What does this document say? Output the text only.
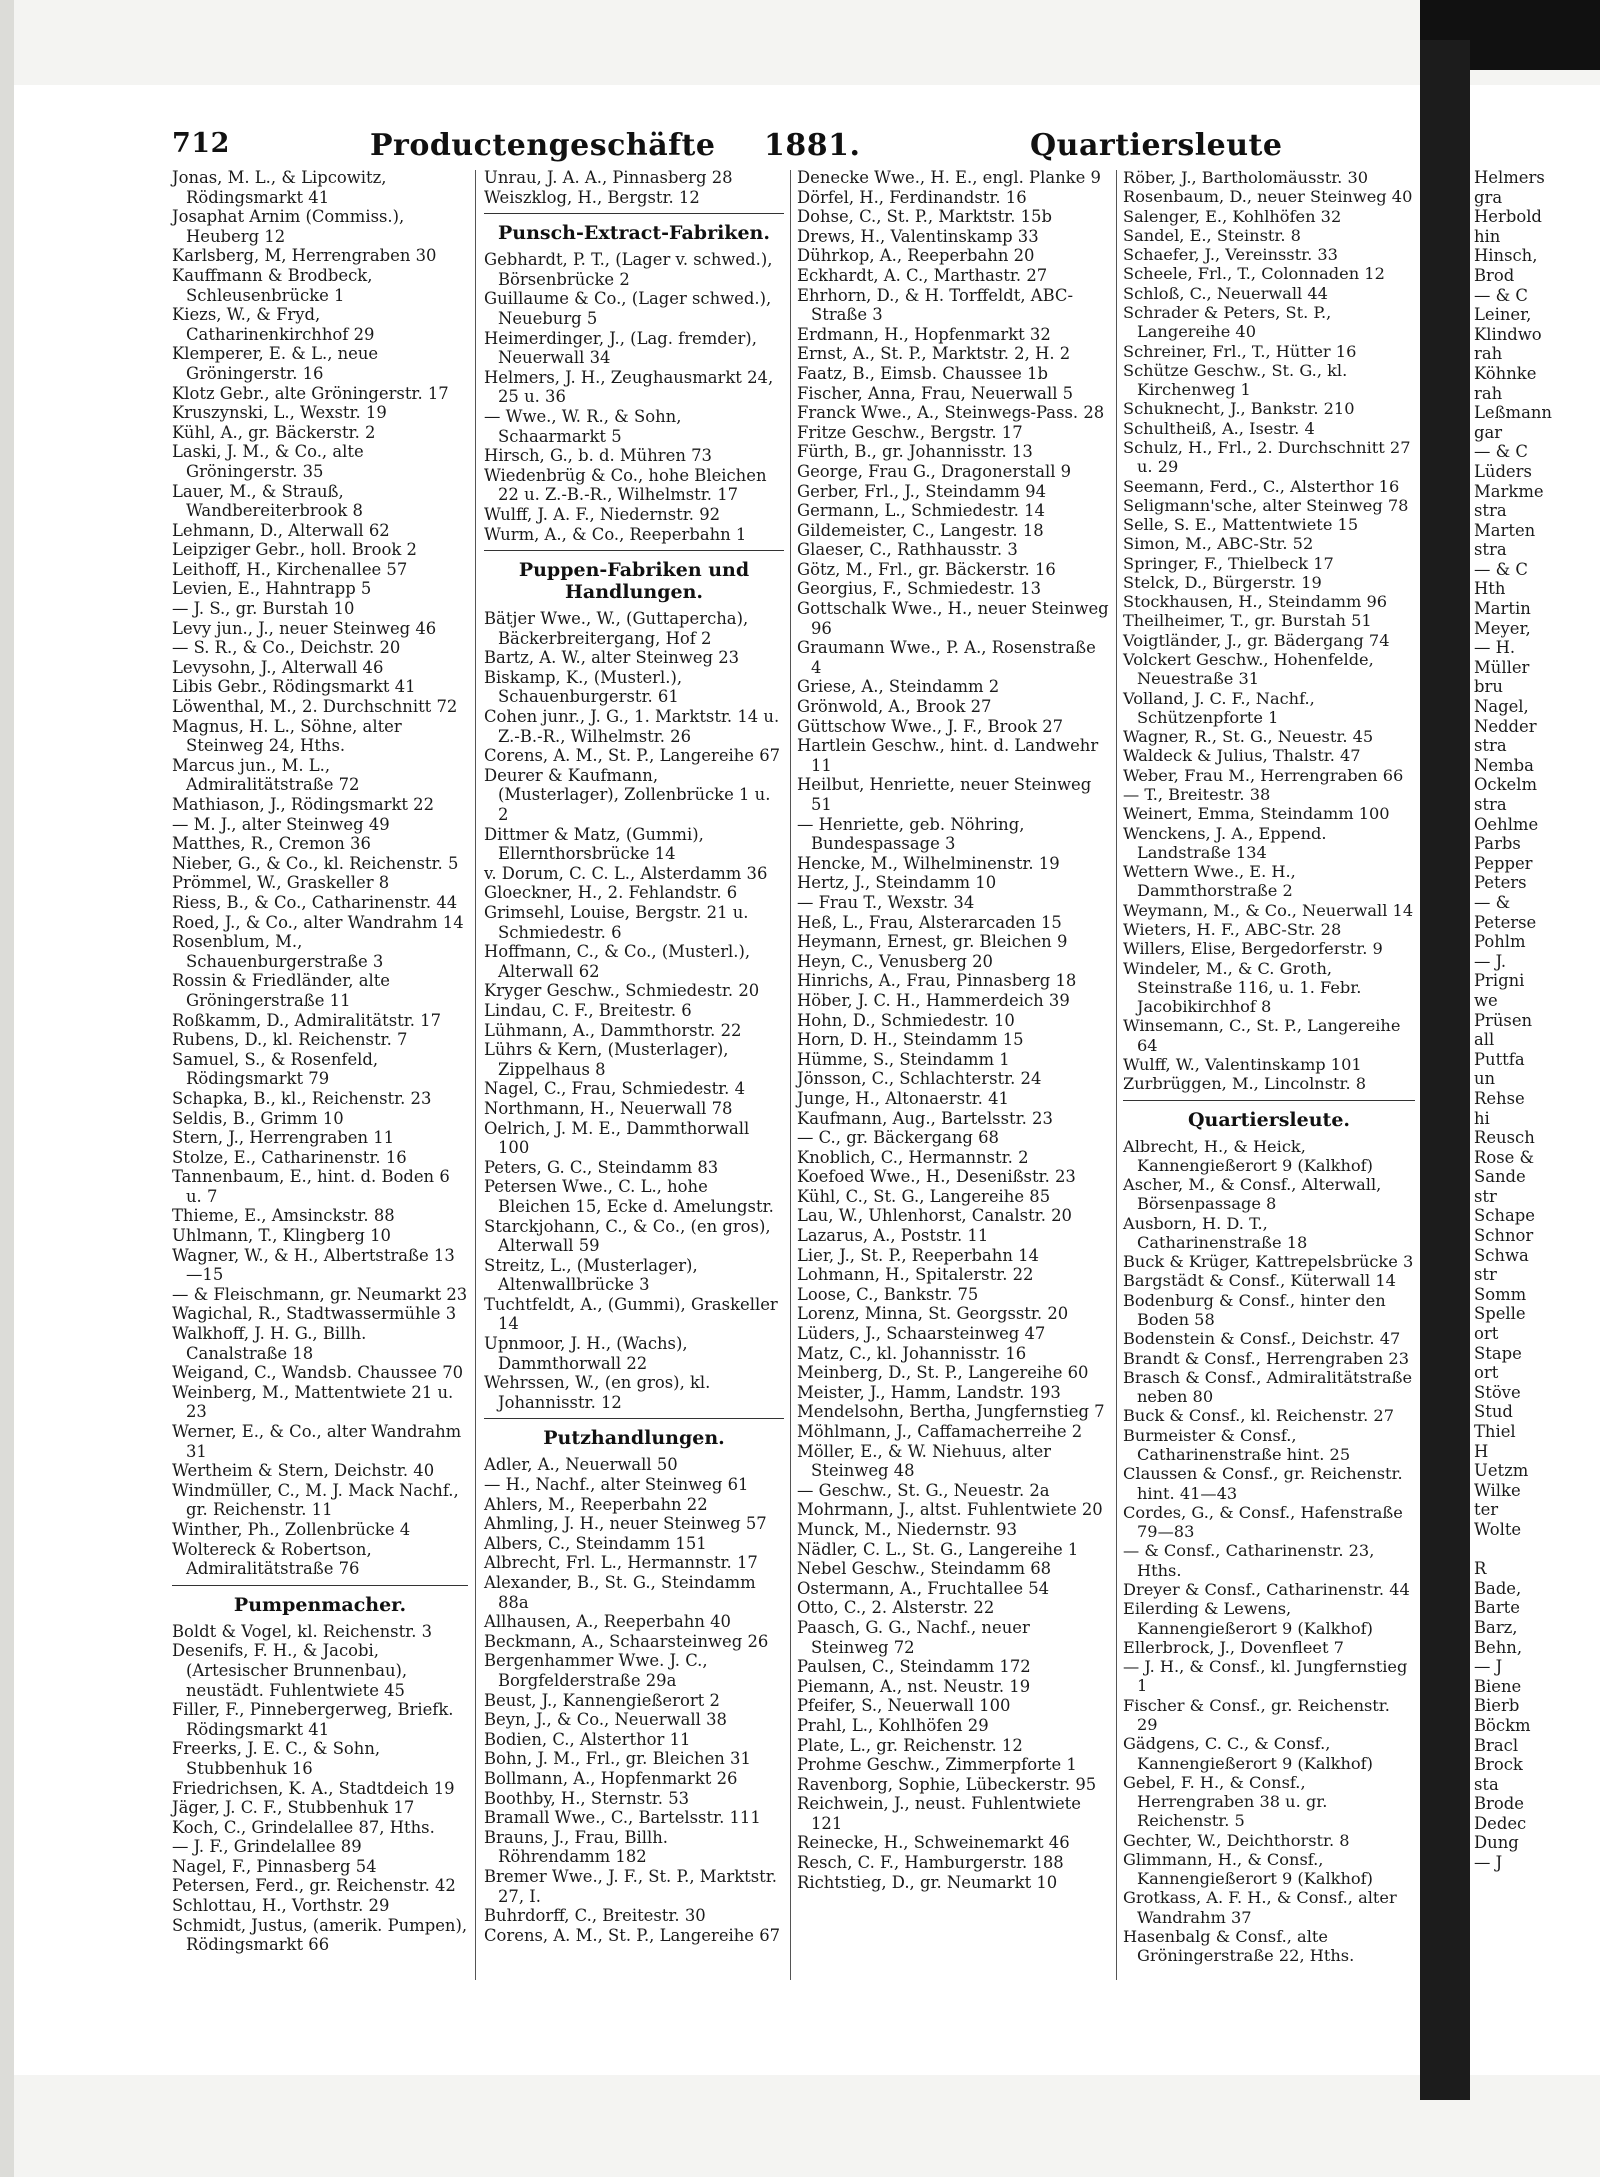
Helmers
gra
Herbold
hin
Hinsch,
Brod
— & C
Leiner,
Klindwo
rah
Köhnke
rah
Leßmann
gar
— & C
Lüders
Markme
stra
Marten
stra
— & C
Hth
Martin
Meyer,
— H.
Müller
bru
Nagel,
Nedder
stra
Nemba
Ockelm
stra
Oehlme
Parbs
Pepper
Peters
— &
Peterse
Pohlm
— J.
Prigni
we
Prüsen
all
Puttfa
un
Rehse
hi
Reusch
Rose &
Sande
str
Schape
Schnor
Schwa
str
Somm
Spelle
ort
Stape
ort
Stöve
Stud
Thiel
H
Uetzm
Wilke
ter
Wolte

R
Bade,
Barte
Barz,
Behn,
— J
Biene
Bierb
Böckm
Bracl
Brock
sta
Brode
Dedec
Dung
— J
712	Productengeschäfte 1881.	Quartiersleute
Jonas, M. L., & Lipcowitz, Rödingsmarkt 41
Josaphat Arnim (Commiss.), Heuberg 12
Karlsberg, M, Herrengraben 30
Kauffmann & Brodbeck, Schleusenbrücke 1
Kiezs, W., & Fryd, Catharinenkirchhof 29
Klemperer, E. & L., neue Gröningerstr. 16
Klotz Gebr., alte Gröningerstr. 17
Kruszynski, L., Wexstr. 19
Kühl, A., gr. Bäckerstr. 2
Laski, J. M., & Co., alte Gröningerstr. 35
Lauer, M., & Strauß, Wandbereiterbrook 8
Lehmann, D., Alterwall 62
Leipziger Gebr., holl. Brook 2
Leithoff, H., Kirchenallee 57
Levien, E., Hahntrapp 5
— J. S., gr. Burstah 10
Levy jun., J., neuer Steinweg 46
— S. R., & Co., Deichstr. 20
Levysohn, J., Alterwall 46
Libis Gebr., Rödingsmarkt 41
Löwenthal, M., 2. Durchschnitt 72
Magnus, H. L., Söhne, alter Steinweg 24, Hths.
Marcus jun., M. L., Admiralitätstraße 72
Mathiason, J., Rödingsmarkt 22
— M. J., alter Steinweg 49
Matthes, R., Cremon 36
Nieber, G., & Co., kl. Reichenstr. 5
Prömmel, W., Graskeller 8
Riess, B., & Co., Catharinenstr. 44
Roed, J., & Co., alter Wandrahm 14
Rosenblum, M., Schauenburgerstraße 3
Rossin & Friedländer, alte Gröningerstraße 11
Roßkamm, D., Admiralitätstr. 17
Rubens, D., kl. Reichenstr. 7
Samuel, S., & Rosenfeld, Rödingsmarkt 79
Schapka, B., kl., Reichenstr. 23
Seldis, B., Grimm 10
Stern, J., Herrengraben 11
Stolze, E., Catharinenstr. 16
Tannenbaum, E., hint. d. Boden 6 u. 7
Thieme, E., Amsinckstr. 88
Uhlmann, T., Klingberg 10
Wagner, W., & H., Albertstraße 13—15
— & Fleischmann, gr. Neumarkt 23
Wagichal, R., Stadtwassermühle 3
Walkhoff, J. H. G., Billh. Canalstraße 18
Weigand, C., Wandsb. Chaussee 70
Weinberg, M., Mattentwiete 21 u. 23
Werner, E., & Co., alter Wandrahm 31
Wertheim & Stern, Deichstr. 40
Windmüller, C., M. J. Mack Nachf., gr. Reichenstr. 11
Winther, Ph., Zollenbrücke 4
Woltereck & Robertson, Admiralitätstraße 76
Pumpenmacher.
Boldt & Vogel, kl. Reichenstr. 3
Desenifs, F. H., & Jacobi, (Artesischer Brunnenbau), neustädt. Fuhlentwiete 45
Filler, F., Pinnebergerweg, Briefk. Rödingsmarkt 41
Freerks, J. E. C., & Sohn, Stubbenhuk 16
Friedrichsen, K. A., Stadtdeich 19
Jäger, J. C. F., Stubbenhuk 17
Koch, C., Grindelallee 87, Hths.
— J. F., Grindelallee 89
Nagel, F., Pinnasberg 54
Petersen, Ferd., gr. Reichenstr. 42
Schlottau, H., Vorthstr. 29
Schmidt, Justus, (amerik. Pumpen), Rödingsmarkt 66
Unrau, J. A. A., Pinnasberg 28
Weiszklog, H., Bergstr. 12
Punsch-Extract-Fabriken.
Gebhardt, P. T., (Lager v. schwed.), Börsenbrücke 2
Guillaume & Co., (Lager schwed.), Neueburg 5
Heimerdinger, J., (Lag. fremder), Neuerwall 34
Helmers, J. H., Zeughausmarkt 24, 25 u. 36
— Wwe., W. R., & Sohn, Schaarmarkt 5
Hirsch, G., b. d. Mühren 73
Wiedenbrüg & Co., hohe Bleichen 22 u. Z.-B.-R., Wilhelmstr. 17
Wulff, J. A. F., Niedernstr. 92
Wurm, A., & Co., Reeperbahn 1
Puppen-Fabriken und Handlungen.
Bätjer Wwe., W., (Guttapercha), Bäckerbreitergang, Hof 2
Bartz, A. W., alter Steinweg 23
Biskamp, K., (Musterl.), Schauenburgerstr. 61
Cohen junr., J. G., 1. Marktstr. 14 u. Z.-B.-R., Wilhelmstr. 26
Corens, A. M., St. P., Langereihe 67
Deurer & Kaufmann, (Musterlager), Zollenbrücke 1 u. 2
Dittmer & Matz, (Gummi), Ellernthorsbrücke 14
v. Dorum, C. C. L., Alsterdamm 36
Gloeckner, H., 2. Fehlandstr. 6
Grimsehl, Louise, Bergstr. 21 u. Schmiedestr. 6
Hoffmann, C., & Co., (Musterl.), Alterwall 62
Kryger Geschw., Schmiedestr. 20
Lindau, C. F., Breitestr. 6
Lühmann, A., Dammthorstr. 22
Lührs & Kern, (Musterlager), Zippelhaus 8
Nagel, C., Frau, Schmiedestr. 4
Northmann, H., Neuerwall 78
Oelrich, J. M. E., Dammthorwall 100
Peters, G. C., Steindamm 83
Petersen Wwe., C. L., hohe Bleichen 15, Ecke d. Amelungstr.
Starckjohann, C., & Co., (en gros), Alterwall 59
Streitz, L., (Musterlager), Altenwallbrücke 3
Tuchtfeldt, A., (Gummi), Graskeller 14
Upnmoor, J. H., (Wachs), Dammthorwall 22
Wehrssen, W., (en gros), kl. Johannisstr. 12
Putzhandlungen.
Adler, A., Neuerwall 50
— H., Nachf., alter Steinweg 61
Ahlers, M., Reeperbahn 22
Ahmling, J. H., neuer Steinweg 57
Albers, C., Steindamm 151
Albrecht, Frl. L., Hermannstr. 17
Alexander, B., St. G., Steindamm 88a
Allhausen, A., Reeperbahn 40
Beckmann, A., Schaarsteinweg 26
Bergenhammer Wwe. J. C., Borgfelderstraße 29a
Beust, J., Kannengießerort 2
Beyn, J., & Co., Neuerwall 38
Bodien, C., Alsterthor 11
Bohn, J. M., Frl., gr. Bleichen 31
Bollmann, A., Hopfenmarkt 26
Boothby, H., Sternstr. 53
Bramall Wwe., C., Bartelsstr. 111
Brauns, J., Frau, Billh. Röhrendamm 182
Bremer Wwe., J. F., St. P., Marktstr. 27, I.
Buhrdorff, C., Breitestr. 30
Corens, A. M., St. P., Langereihe 67
Denecke Wwe., H. E., engl. Planke 9
Dörfel, H., Ferdinandstr. 16
Dohse, C., St. P., Marktstr. 15b
Drews, H., Valentinskamp 33
Dührkop, A., Reeperbahn 20
Eckhardt, A. C., Marthastr. 27
Ehrhorn, D., & H. Torffeldt, ABC-Straße 3
Erdmann, H., Hopfenmarkt 32
Ernst, A., St. P., Marktstr. 2, H. 2
Faatz, B., Eimsb. Chaussee 1b
Fischer, Anna, Frau, Neuerwall 5
Franck Wwe., A., Steinwegs-Pass. 28
Fritze Geschw., Bergstr. 17
Fürth, B., gr. Johannisstr. 13
George, Frau G., Dragonerstall 9
Gerber, Frl., J., Steindamm 94
Germann, L., Schmiedestr. 14
Gildemeister, C., Langestr. 18
Glaeser, C., Rathhausstr. 3
Götz, M., Frl., gr. Bäckerstr. 16
Georgius, F., Schmiedestr. 13
Gottschalk Wwe., H., neuer Steinweg 96
Graumann Wwe., P. A., Rosenstraße 4
Griese, A., Steindamm 2
Grönwold, A., Brook 27
Güttschow Wwe., J. F., Brook 27
Hartlein Geschw., hint. d. Landwehr 11
Heilbut, Henriette, neuer Steinweg 51
— Henriette, geb. Nöhring, Bundespassage 3
Hencke, M., Wilhelminenstr. 19
Hertz, J., Steindamm 10
— Frau T., Wexstr. 34
Heß, L., Frau, Alsterarcaden 15
Heymann, Ernest, gr. Bleichen 9
Heyn, C., Venusberg 20
Hinrichs, A., Frau, Pinnasberg 18
Höber, J. C. H., Hammerdeich 39
Hohn, D., Schmiedestr. 10
Horn, D. H., Steindamm 15
Hümme, S., Steindamm 1
Jönsson, C., Schlachterstr. 24
Junge, H., Altonaerstr. 41
Kaufmann, Aug., Bartelsstr. 23
— C., gr. Bäckergang 68
Knoblich, C., Hermannstr. 2
Koefoed Wwe., H., Desenißstr. 23
Kühl, C., St. G., Langereihe 85
Lau, W., Uhlenhorst, Canalstr. 20
Lazarus, A., Poststr. 11
Lier, J., St. P., Reeperbahn 14
Lohmann, H., Spitalerstr. 22
Loose, C., Bankstr. 75
Lorenz, Minna, St. Georgsstr. 20
Lüders, J., Schaarsteinweg 47
Matz, C., kl. Johannisstr. 16
Meinberg, D., St. P., Langereihe 60
Meister, J., Hamm, Landstr. 193
Mendelsohn, Bertha, Jungfernstieg 7
Möhlmann, J., Caffamacherreihe 2
Möller, E., & W. Niehuus, alter Steinweg 48
— Geschw., St. G., Neuestr. 2a
Mohrmann, J., altst. Fuhlentwiete 20
Munck, M., Niedernstr. 93
Nädler, C. L., St. G., Langereihe 1
Nebel Geschw., Steindamm 68
Ostermann, A., Fruchtallee 54
Otto, C., 2. Alsterstr. 22
Paasch, G. G., Nachf., neuer Steinweg 72
Paulsen, C., Steindamm 172
Piemann, A., nst. Neustr. 19
Pfeifer, S., Neuerwall 100
Prahl, L., Kohlhöfen 29
Plate, L., gr. Reichenstr. 12
Prohme Geschw., Zimmerpforte 1
Ravenborg, Sophie, Lübeckerstr. 95
Reichwein, J., neust. Fuhlentwiete 121
Reinecke, H., Schweinemarkt 46
Resch, C. F., Hamburgerstr. 188
Richtstieg, D., gr. Neumarkt 10
Röber, J., Bartholomäusstr. 30
Rosenbaum, D., neuer Steinweg 40
Salenger, E., Kohlhöfen 32
Sandel, E., Steinstr. 8
Schaefer, J., Vereinsstr. 33
Scheele, Frl., T., Colonnaden 12
Schloß, C., Neuerwall 44
Schrader & Peters, St. P., Langereihe 40
Schreiner, Frl., T., Hütter 16
Schütze Geschw., St. G., kl. Kirchenweg 1
Schuknecht, J., Bankstr. 210
Schultheiß, A., Isestr. 4
Schulz, H., Frl., 2. Durchschnitt 27 u. 29
Seemann, Ferd., C., Alsterthor 16
Seligmann'sche, alter Steinweg 78
Selle, S. E., Mattentwiete 15
Simon, M., ABC-Str. 52
Springer, F., Thielbeck 17
Stelck, D., Bürgerstr. 19
Stockhausen, H., Steindamm 96
Theilheimer, T., gr. Burstah 51
Voigtländer, J., gr. Bädergang 74
Volckert Geschw., Hohenfelde, Neuestraße 31
Volland, J. C. F., Nachf., Schützenpforte 1
Wagner, R., St. G., Neuestr. 45
Waldeck & Julius, Thalstr. 47
Weber, Frau M., Herrengraben 66
— T., Breitestr. 38
Weinert, Emma, Steindamm 100
Wenckens, J. A., Eppend. Landstraße 134
Wettern Wwe., E. H., Dammthorstraße 2
Weymann, M., & Co., Neuerwall 14
Wieters, H. F., ABC-Str. 28
Willers, Elise, Bergedorferstr. 9
Windeler, M., & C. Groth, Steinstraße 116, u. 1. Febr. Jacobikirchhof 8
Winsemann, C., St. P., Langereihe 64
Wulff, W., Valentinskamp 101
Zurbrüggen, M., Lincolnstr. 8
Quartiersleute.
Albrecht, H., & Heick, Kannengießerort 9 (Kalkhof)
Ascher, M., & Consf., Alterwall, Börsenpassage 8
Ausborn, H. D. T., Catharinenstraße 18
Buck & Krüger, Kattrepelsbrücke 3
Bargstädt & Consf., Küterwall 14
Bodenburg & Consf., hinter den Boden 58
Bodenstein & Consf., Deichstr. 47
Brandt & Consf., Herrengraben 23
Brasch & Consf., Admiralitätstraße neben 80
Buck & Consf., kl. Reichenstr. 27
Burmeister & Consf., Catharinenstraße hint. 25
Claussen & Consf., gr. Reichenstr. hint. 41—43
Cordes, G., & Consf., Hafenstraße 79—83
— & Consf., Catharinenstr. 23, Hths.
Dreyer & Consf., Catharinenstr. 44
Eilerding & Lewens, Kannengießerort 9 (Kalkhof)
Ellerbrock, J., Dovenfleet 7
— J. H., & Consf., kl. Jungfernstieg 1
Fischer & Consf., gr. Reichenstr. 29
Gädgens, C. C., & Consf., Kannengießerort 9 (Kalkhof)
Gebel, F. H., & Consf., Herrengraben 38 u. gr. Reichenstr. 5
Gechter, W., Deichthorstr. 8
Glimmann, H., & Consf., Kannengießerort 9 (Kalkhof)
Grotkass, A. F. H., & Consf., alter Wandrahm 37
Hasenbalg & Consf., alte Gröningerstraße 22, Hths.
